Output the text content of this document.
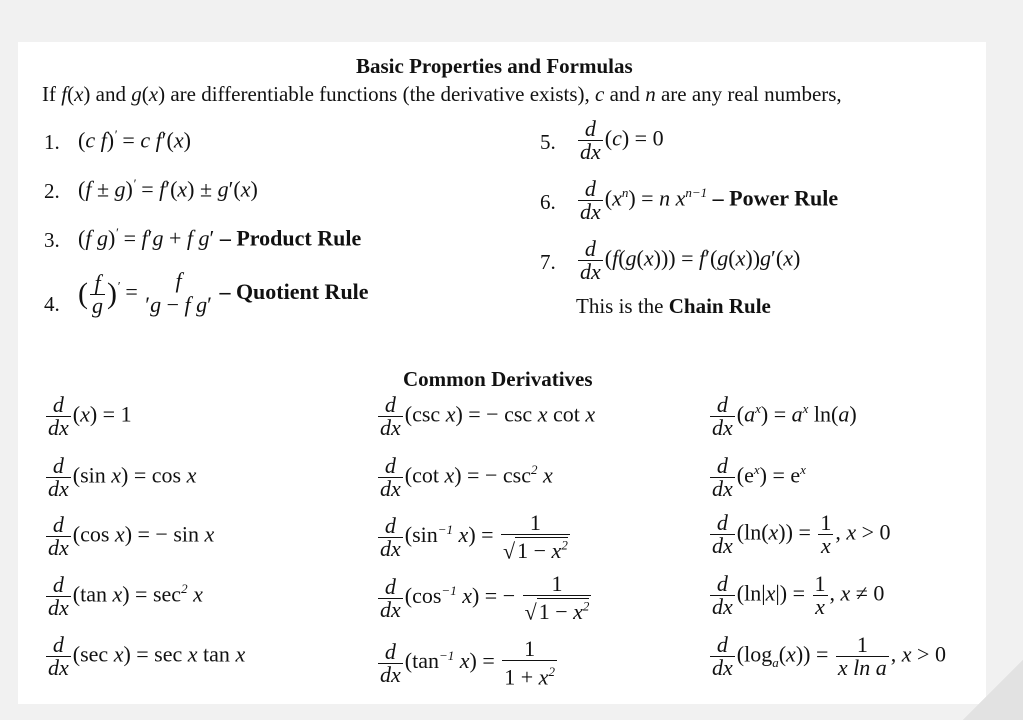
Basic Properties and Formulas
If f(x) and g(x) are differentiable functions (the derivative exists), c and n are any real numbers,
1. (c f)′ = c f′(x)
2. (f ± g)′ = f′(x) ± g′(x)
3. (f g)′ = f′g + f g′ – Product Rule
4. ( $\frac{f}{g} )'$ =	f
′g − f g′ – Quotient Rule
5. $\frac{d}{dx} (c) = 0$
6. $\frac{d}{dx} (x^n) = n$ $x^{n-1}$ – Power Rule
7. $\frac{d}{dx} (f(g(x))) = f'(g(x))g'(x)$
This is the Chain Rule
Common Derivatives
$\frac{d}{dx} (x) = 1$
$\frac{d}{dx} (\sin$ x) = cos x
$\frac{d}{dx} (\cos$ x) = − sin x
$\frac{d}{dx} (\tan$ $x) = \sec^2 x$
$\frac{d}{dx} (\sec$ x) = sec x tan x
$\frac{d}{dx} (\csc$ x) = − csc x cot x
$\frac{d}{dx} (\cot$ x) = − $\csc^2 x$
$\frac{d}{dx} (\sin^{-1}$ $x) = \frac{1}{√1 - x^2}$
$\frac{d}{dx} (\cos^{-1}$ x) = − $\frac{1}{√1 - x^2}$
$\frac{d}{dx} (\tan^{-1}$ $x) = \frac{1}{1 + x^2}$
$\frac{d}{dx} (a^x) = a^x$ ln(a)
$\frac{d}{dx} (e^x) = e^x$
$\frac{d}{dx} (\ln(x)) = \frac{1}{x}$ , x > 0
$\frac{d}{dx} (\ln|x|) = \frac{1}{x}$ , x ≠ 0
$\frac{d}{dx} (\log_a(x)) = \frac{1}{\text{x ln a}}$ , x > 0
